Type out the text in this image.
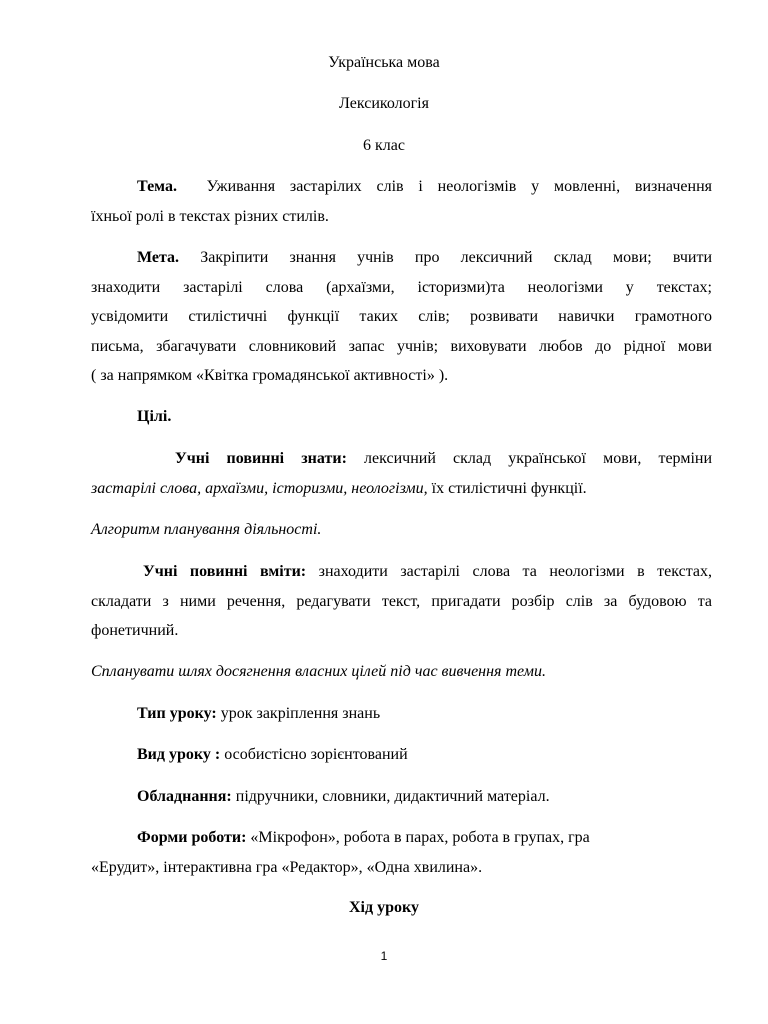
Українська мова
Лексикологія
6 клас
Тема. Уживання застарілих слів і неологізмів у мовленні, визначення
їхньої ролі в текстах різних стилів.
Мета. Закріпити знання учнів про лексичний склад мови; вчити
знаходити застарілі слова (архаїзми, історизми)та неологізми у текстах;
усвідомити стилістичні функції таких слів; розвивати навички грамотного
письма, збагачувати словниковий запас учнів; виховувати любов до рідної мови
( за напрямком «Квітка громадянської активності» ).
Цілі.
Учні повинні знати: лексичний склад української мови, терміни
застарілі слова, архаїзми, історизми, неологізми, їх стилістичні функції.
Алгоритм планування діяльності.
Учні повинні вміти: знаходити застарілі слова та неологізми в текстах,
складати з ними речення, редагувати текст, пригадати розбір слів за будовою та
фонетичний.
Спланувати шлях досягнення власних цілей під час вивчення теми.
Тип уроку: урок закріплення знань
Вид уроку : особистісно зорієнтований
Обладнання: підручники, словники, дидактичний матеріал.
Форми роботи: «Мікрофон», робота в парах, робота в групах, гра
«Ерудит», інтерактивна гра «Редактор», «Одна хвилина».
Хід уроку
1
